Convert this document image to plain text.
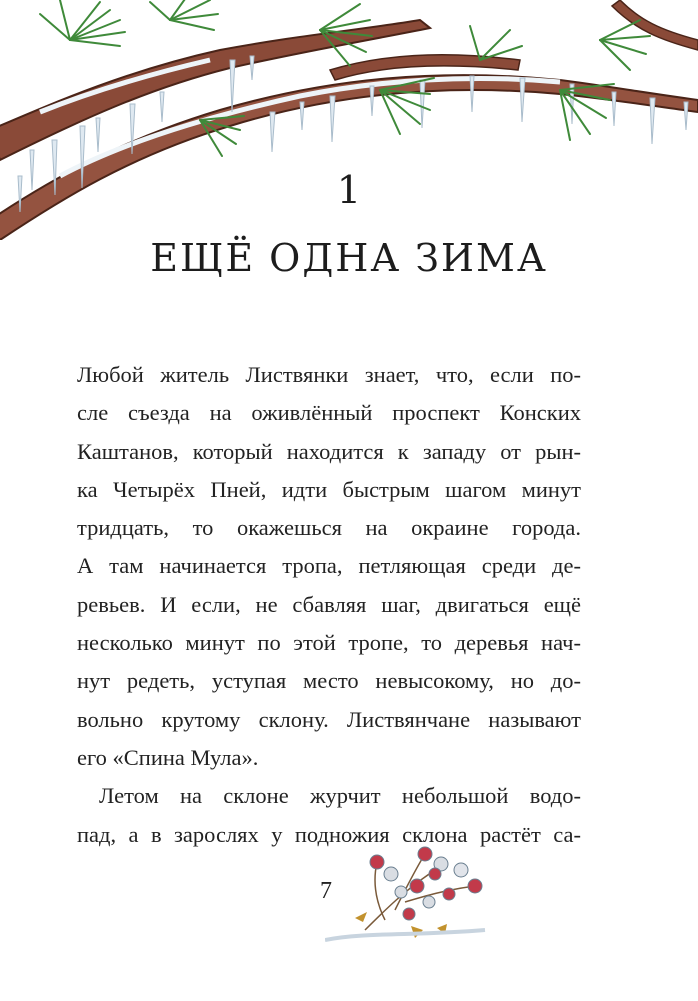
1
ЕЩЁ ОДНА ЗИМА
Любой житель Листвянки знает, что, если по-
сле съезда на оживлённый проспект Конских
Каштанов, который находится к западу от рын-
ка Четырёх Пней, идти быстрым шагом минут
тридцать, то окажешься на окраине города.
А там начинается тропа, петляющая среди де-
ревьев. И если, не сбавляя шаг, двигаться ещё
несколько минут по этой тропе, то деревья нач-
нут редеть, уступая место невысокому, но до-
вольно крутому склону. Листвянчане называют
его «Спина Мула».
Летом на склоне журчит небольшой водо-
пад, а в зарослях у подножия склона растёт са-
7
